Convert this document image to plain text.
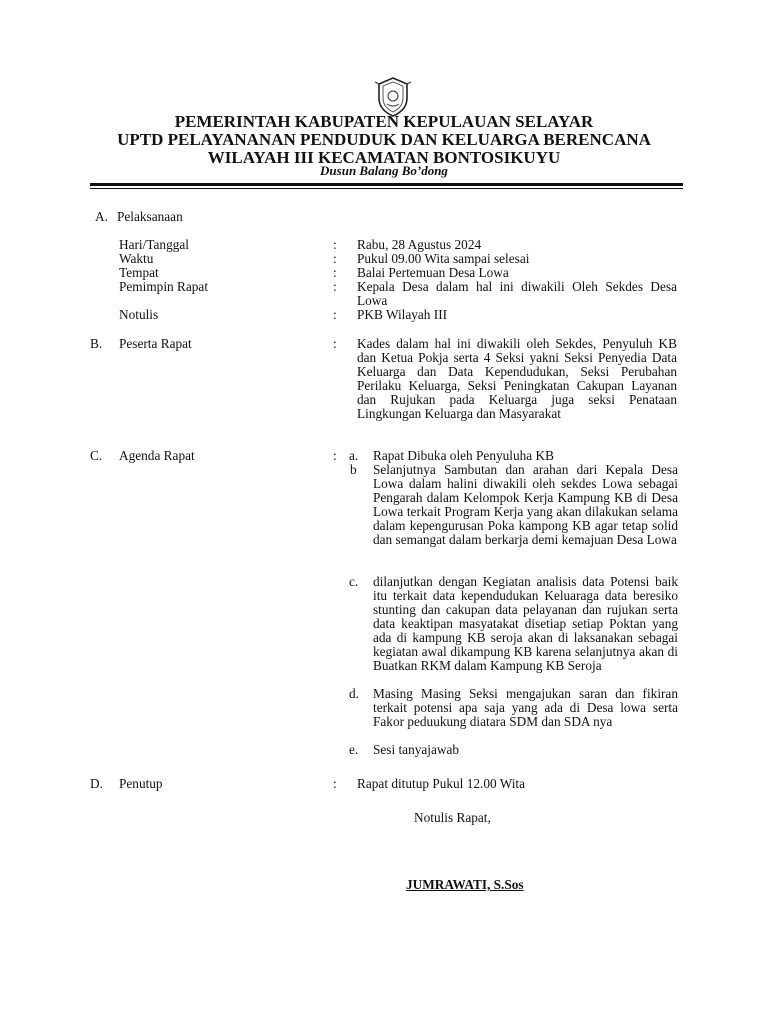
PEMERINTAH KABUPATEN KEPULAUAN SELAYAR
UPTD PELAYANANAN PENDUDUK DAN KELUARGA BERENCANA
WILAYAH III KECAMATAN BONTOSIKUYU
Dusun Balang Bo’dong
A. Pelaksanaan
Hari/Tanggal	: Rabu, 28 Agustus 2024
Waktu	: Pukul 09.00 Wita sampai selesai
Tempat	: Balai Pertemuan Desa Lowa
Pemimpin Rapat	: Kepala Desa dalam hal ini diwakili Oleh Sekdes Desa Lowa
Notulis	: PKB Wilayah III
B. Peserta Rapat	: Kades dalam hal ini diwakili oleh Sekdes, Penyuluh KB dan Ketua Pokja serta 4 Seksi yakni Seksi Penyedia Data Keluarga dan Data Kependudukan, Seksi Perubahan Perilaku Keluarga, Seksi Peningkatan Cakupan Layanan dan Rujukan pada Keluarga juga seksi Penataan Lingkungan Keluarga dan Masyarakat
C. Agenda Rapat	: a. Rapat Dibuka oleh Penyuluha KB
b Selanjutnya Sambutan dan arahan dari Kepala Desa Lowa dalam halini diwakili oleh sekdes Lowa sebagai Pengarah dalam Kelompok Kerja Kampung KB di Desa Lowa terkait Program Kerja yang akan dilakukan selama dalam kepengurusan Poka kampong KB agar tetap solid dan semangat dalam berkarja demi kemajuan Desa Lowa
c. dilanjutkan dengan Kegiatan analisis data Potensi baik itu terkait data kependudukan Keluaraga data beresiko stunting dan cakupan data pelayanan dan rujukan serta data keaktipan masyatakat disetiap setiap Poktan yang ada di kampung KB seroja akan di laksanakan sebagai kegiatan awal dikampung KB karena selanjutnya akan di Buatkan RKM dalam Kampung KB Seroja
d. Masing Masing Seksi mengajukan saran dan fikiran terkait potensi apa saja yang ada di Desa lowa serta Fakor peduukung diatara SDM dan SDA nya
e. Sesi tanyajawab
D. Penutup	: Rapat ditutup Pukul 12.00 Wita
Notulis Rapat,
JUMRAWATI, S.Sos
